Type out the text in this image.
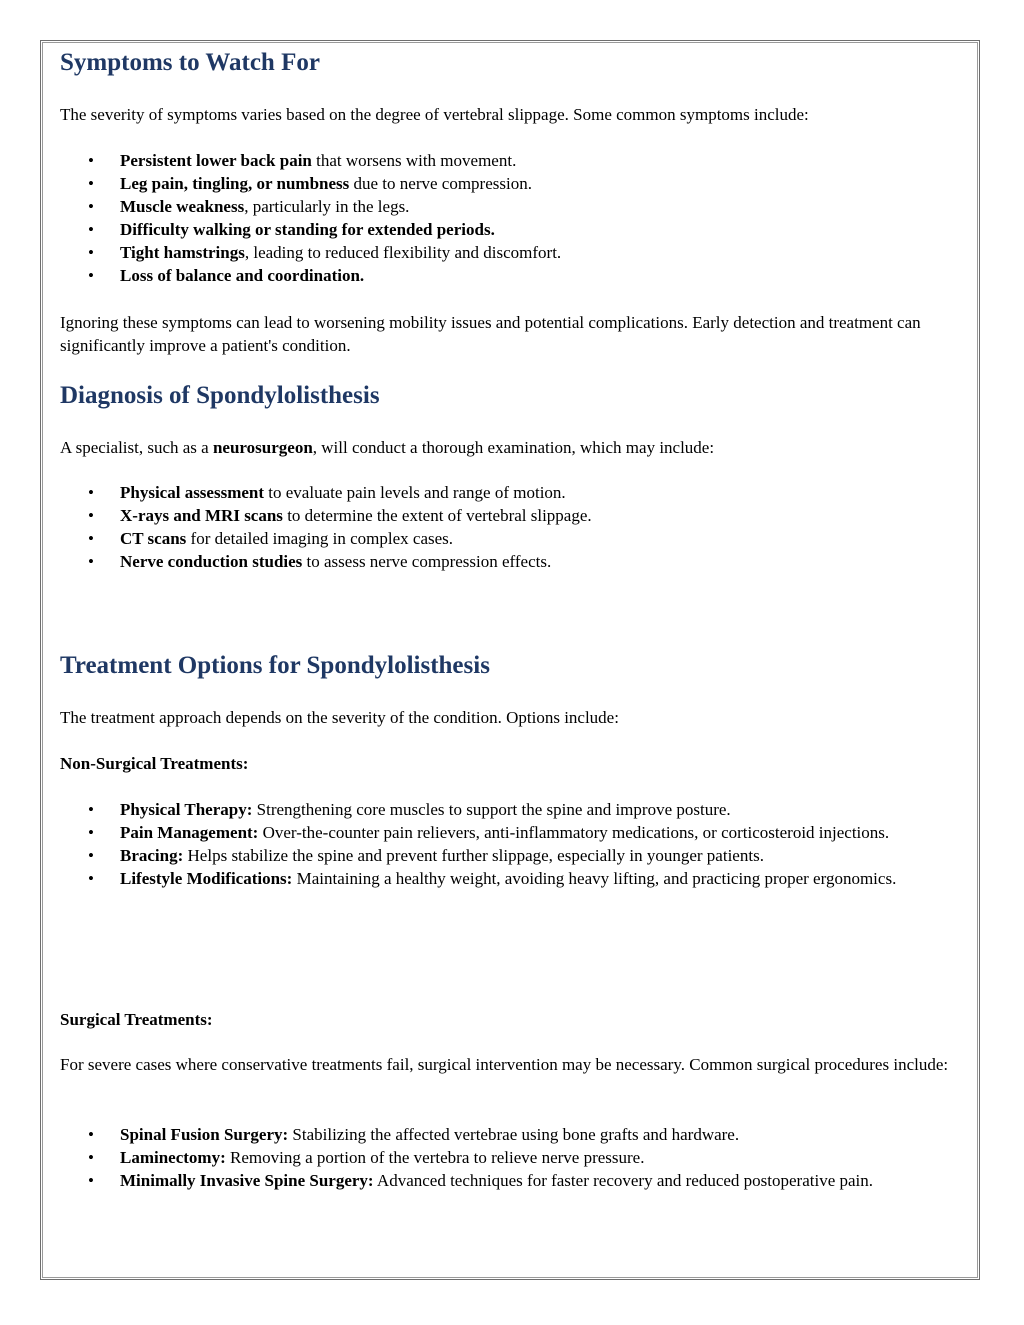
Symptoms to Watch For

The severity of symptoms varies based on the degree of vertebral slippage. Some common symptoms include:

• Persistent lower back pain that worsens with movement.
• Leg pain, tingling, or numbness due to nerve compression.
• Muscle weakness, particularly in the legs.
• Difficulty walking or standing for extended periods.
• Tight hamstrings, leading to reduced flexibility and discomfort.
• Loss of balance and coordination.

Ignoring these symptoms can lead to worsening mobility issues and potential complications. Early detection and treatment can significantly improve a patient's condition.

Diagnosis of Spondylolisthesis

A specialist, such as a neurosurgeon, will conduct a thorough examination, which may include:

• Physical assessment to evaluate pain levels and range of motion.
• X-rays and MRI scans to determine the extent of vertebral slippage.
• CT scans for detailed imaging in complex cases.
• Nerve conduction studies to assess nerve compression effects.
Treatment Options for Spondylolisthesis

The treatment approach depends on the severity of the condition. Options include:

Non-Surgical Treatments:
• Physical Therapy: Strengthening core muscles to support the spine and improve posture.
• Pain Management: Over-the-counter pain relievers, anti-inflammatory medications, or corticosteroid injections.
• Bracing: Helps stabilize the spine and prevent further slippage, especially in younger patients.
• Lifestyle Modifications: Maintaining a healthy weight, avoiding heavy lifting, and practicing proper ergonomics.
Surgical Treatments:

For severe cases where conservative treatments fail, surgical intervention may be necessary. Common surgical procedures include:

• Spinal Fusion Surgery: Stabilizing the affected vertebrae using bone grafts and hardware.
• Laminectomy: Removing a portion of the vertebra to relieve nerve pressure.
• Minimally Invasive Spine Surgery: Advanced techniques for faster recovery and reduced postoperative pain.
